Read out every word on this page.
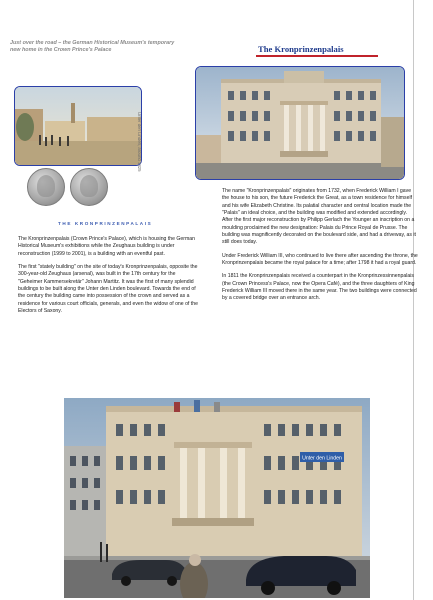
Just over the road – the German Historical Museum's temporary new home in the Crown Prince's Palace	The Kronprinzenpalais
Unter den Linden, around 1825
THE KRONPRINZENPALAIS

The Kronprinzenpalais (Crown Prince's Palace), which is housing the German Historical Museum's exhibitions while the Zeughaus building is under reconstruction (1999 to 2001), is a building with an eventful past.

The first "stately building" on the site of today's Kronprinzenpalais, opposite the 300-year-old Zeughaus (arsenal), was built in the 17th century for the "Geheimer Kammersekretär" Johann Martitz. It was the first of many splendid buildings to be built along the Unter den Linden boulevard. Towards the end of the century the building came into possession of the crown and served as a residence for various court officials, generals, and even the widow of one of the Electors of Saxony.

The name "Kronprinzenpalais" originates from 1732, when Frederick William I gave the house to his son, the future Frederick the Great, as a town residence for himself and his wife Elizabeth Christine. Its palatial character and central location made the "Palais" an ideal choice, and the building was modified and extended accordingly. After the first major reconstruction by Philipp Gerlach the Younger an inscription on a moulding proclaimed the new designation: Palais du Prince Royal de Prusse. The building was magnificently decorated on the boulevard side, and had a driveway, as it still does today.

Under Frederick William III, who continued to live there after ascending the throne, the Kronprinzenpalais became the royal palace for a time; after 1798 it had a royal guard.

In 1811 the Kronprinzenpalais received a counterpart in the Kronprinzessinnenpalais (the Crown Princess's Palace, now the Opera Café), and the three daughters of King Frederick William III moved there in the same year. The two buildings were connected by a covered bridge over an entrance arch.

Unter den Linden
